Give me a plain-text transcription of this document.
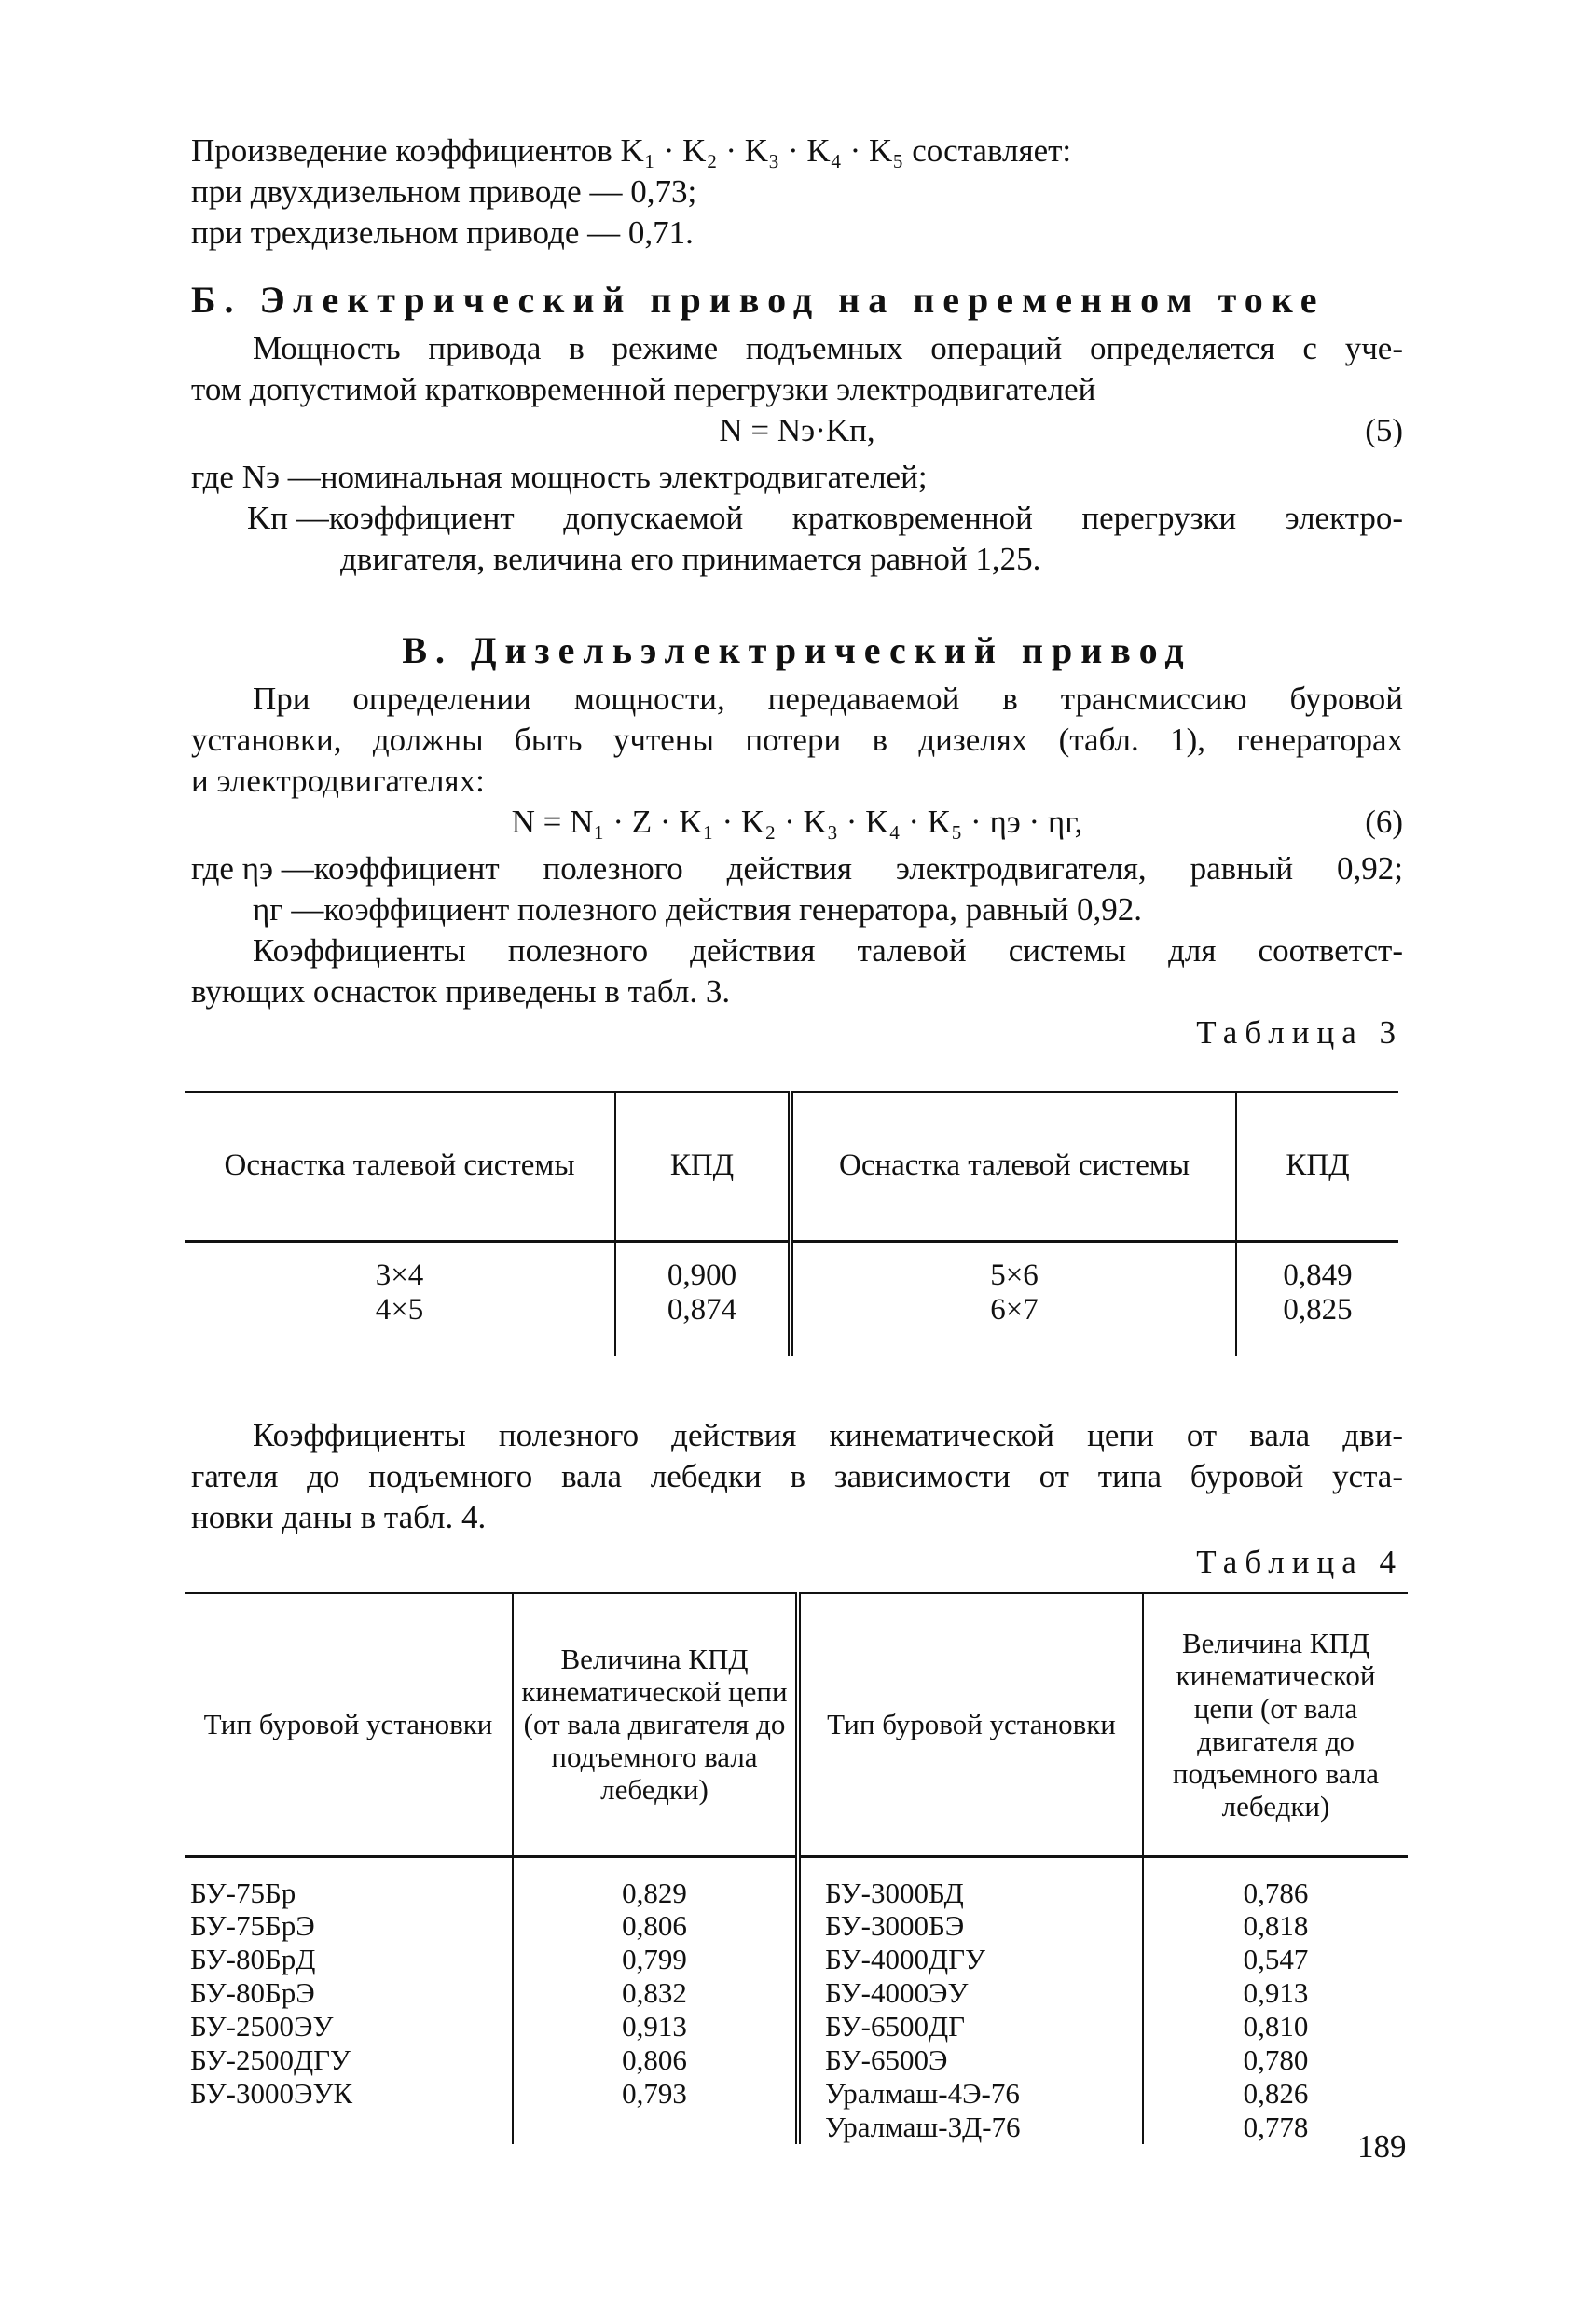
Произведение коэффициентов K₁ · K₂ · K₃ · K₄ · K₅ составляет:
при двухдизельном приводе — 0,73;
при трехдизельном приводе — 0,71.
Б. Электрический привод на переменном токе
Мощность привода в режиме подъемных операций определяется с уче-
том допустимой кратковременной перегрузки электродвигателей
N = Nэ·Kп,	(5)
где Nэ — номинальная мощность электродвигателей;
Kп — коэффициент допускаемой кратковременной перегрузки электро-
двигателя, величина его принимается равной 1,25.
В. Дизельэлектрический привод
При определении мощности, передаваемой в трансмиссию буровой
установки, должны быть учтены потери в дизелях (табл. 1), генераторах
и электродвигателях:
N = N₁ · Z · K₁ · K₂ · K₃ · K₄ · K₅ · ηэ · ηг,	(6)
где ηэ — коэффициент полезного действия электродвигателя, равный 0,92;
ηг — коэффициент полезного действия генератора, равный 0,92.
Коэффициенты полезного действия талевой системы для соответст-
вующих оснасток приведены в табл. 3.
Таблица 3
Оснастка талевой системы	КПД	Оснастка талевой системы	КПД
3×4	0,900	5×6	0,849
4×5	0,874	6×7	0,825
Коэффициенты полезного действия кинематической цепи от вала дви-
гателя до подъемного вала лебедки в зависимости от типа буровой уста-
новки даны в табл. 4.
Таблица 4
Тип буровой установки	Величина КПД кинематической цепи (от вала двигателя до подъемного вала лебедки)	Тип буровой установки	Величина КПД кинематической цепи (от вала двигателя до подъемного вала лебедки)
БУ-75Бр	0,829	БУ-3000БД	0,786
БУ-75БрЭ	0,806	БУ-3000БЭ	0,818
БУ-80БрД	0,799	БУ-4000ДГУ	0,547
БУ-80БрЭ	0,832	БУ-4000ЭУ	0,913
БУ-2500ЭУ	0,913	БУ-6500ДГ	0,810
БУ-2500ДГУ	0,806	БУ-6500Э	0,780
БУ-3000ЭУК	0,793	Уралмаш-4Э-76	0,826
		Уралмаш-3Д-76	0,778
189
